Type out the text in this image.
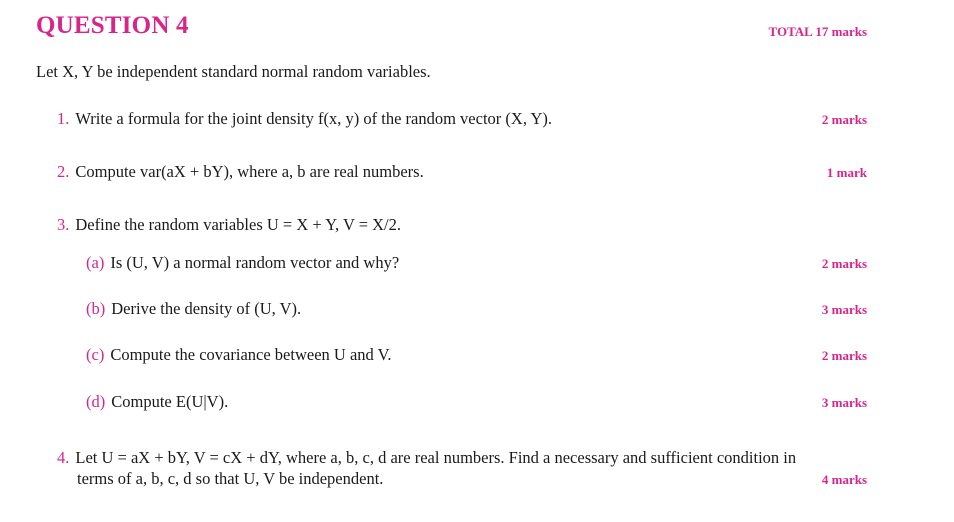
QUESTION 4	TOTAL 17 marks
Let X, Y be independent standard normal random variables.
1. Write a formula for the joint density f(x, y) of the random vector (X, Y).	2 marks
2. Compute var(aX + bY), where a, b are real numbers.	1 mark
3. Define the random variables U = X + Y, V = X/2.
(a) Is (U, V) a normal random vector and why?	2 marks
(b) Derive the density of (U, V).	3 marks
(c) Compute the covariance between U and V.	2 marks
(d) Compute E(U|V).	3 marks
4. Let U = aX + bY, V = cX + dY, where a, b, c, d are real numbers. Find a necessary and sufficient condition in
terms of a, b, c, d so that U, V be independent.	4 marks
